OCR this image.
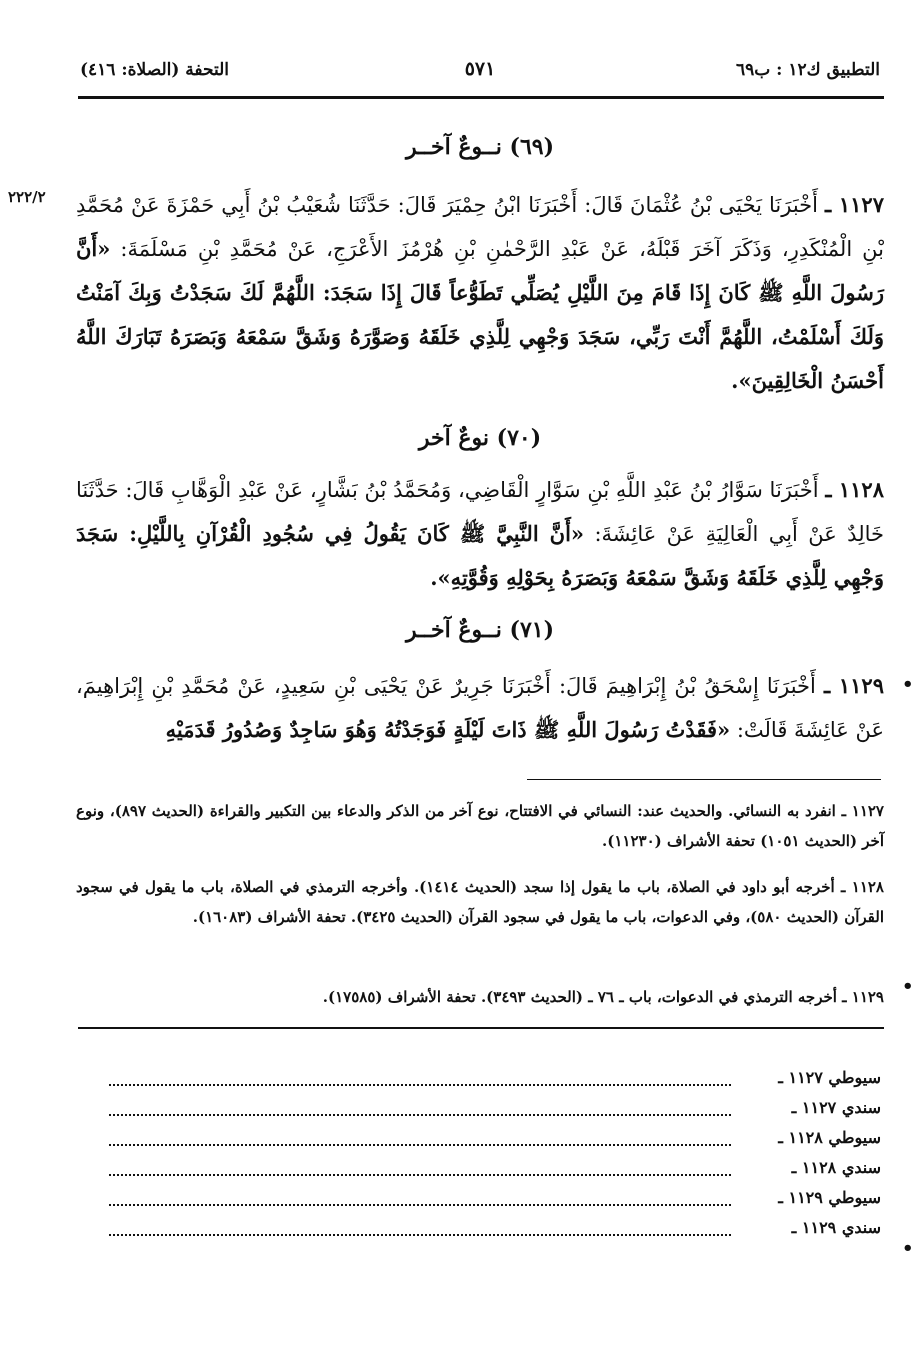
التطبيق ك١٢ : ب٦٩
٥٧١
التحفة (الصلاة: ٤١٦)
٢٢٢/٢
(٦٩) نــوعٌ آخــر
١١٢٧ ـ أَخْبَرَنَا يَحْيَى بْنُ عُثْمَانَ قَالَ: أَخْبَرَنَا ابْنُ حِمْيَرَ قَالَ: حَدَّثَنَا شُعَيْبُ بْنُ أَبِي حَمْزَةَ عَنْ مُحَمَّدِ بْنِ الْمُنْكَدِرِ، وَذَكَرَ آخَرَ قَبْلَهُ، عَنْ عَبْدِ الرَّحْمٰنِ بْنِ هُرْمُزَ الأَعْرَجِ، عَنْ مُحَمَّدِ بْنِ مَسْلَمَةَ: «أَنَّ رَسُولَ اللَّهِ ﷺ كَانَ إِذَا قَامَ مِنَ اللَّيْلِ يُصَلِّي تَطَوُّعاً قَالَ إِذَا سَجَدَ: اللَّهُمَّ لَكَ سَجَدْتُ وَبِكَ آمَنْتُ وَلَكَ أَسْلَمْتُ، اللَّهُمَّ أَنْتَ رَبِّي، سَجَدَ وَجْهِي لِلَّذِي خَلَقَهُ وَصَوَّرَهُ وَشَقَّ سَمْعَهُ وَبَصَرَهُ تَبَارَكَ اللَّهُ أَحْسَنُ الْخَالِقِينَ».
(٧٠) نوعٌ آخر
١١٢٨ ـ أَخْبَرَنَا سَوَّارُ بْنُ عَبْدِ اللَّهِ بْنِ سَوَّارٍ الْقَاضِي، وَمُحَمَّدُ بْنُ بَشَّارٍ، عَنْ عَبْدِ الْوَهَّابِ قَالَ: حَدَّثَنَا خَالِدٌ عَنْ أَبِي الْعَالِيَةِ عَنْ عَائِشَةَ: «أَنَّ النَّبِيَّ ﷺ كَانَ يَقُولُ فِي سُجُودِ الْقُرْآنِ بِاللَّيْلِ: سَجَدَ وَجْهِي لِلَّذِي خَلَقَهُ وَشَقَّ سَمْعَهُ وَبَصَرَهُ بِحَوْلِهِ وَقُوَّتِهِ».
(٧١) نــوعٌ آخــر
•
١١٢٩ ـ أَخْبَرَنَا إِسْحَقُ بْنُ إِبْرَاهِيمَ قَالَ: أَخْبَرَنَا جَرِيرٌ عَنْ يَحْيَى بْنِ سَعِيدٍ، عَنْ مُحَمَّدِ بْنِ إِبْرَاهِيمَ، عَنْ عَائِشَةَ قَالَتْ: «فَقَدْتُ رَسُولَ اللَّهِ ﷺ ذَاتَ لَيْلَةٍ فَوَجَدْتُهُ وَهُوَ سَاجِدٌ وَصُدُورُ قَدَمَيْهِ
١١٢٧ ـ انفرد به النسائي. والحديث عند: النسائي في الافتتاح، نوع آخر من الذكر والدعاء بين التكبير والقراءة (الحديث ٨٩٧)، ونوع آخر (الحديث ١٠٥١) تحفة الأشراف (١١٢٣٠).
١١٢٨ ـ أخرجه أبو داود في الصلاة، باب ما يقول إذا سجد (الحديث ١٤١٤). وأخرجه الترمذي في الصلاة، باب ما يقول في سجود القرآن (الحديث ٥٨٠)، وفي الدعوات، باب ما يقول في سجود القرآن (الحديث ٣٤٢٥). تحفة الأشراف (١٦٠٨٣).
•
١١٢٩ ـ أخرجه الترمذي في الدعوات، باب ـ ٧٦ ـ (الحديث ٣٤٩٣). تحفة الأشراف (١٧٥٨٥).
سيوطي ١١٢٧ ـ
سندي ١١٢٧ ـ
سيوطي ١١٢٨ ـ
سندي ١١٢٨ ـ
سيوطي ١١٢٩ ـ
سندي ١١٢٩ ـ
•
